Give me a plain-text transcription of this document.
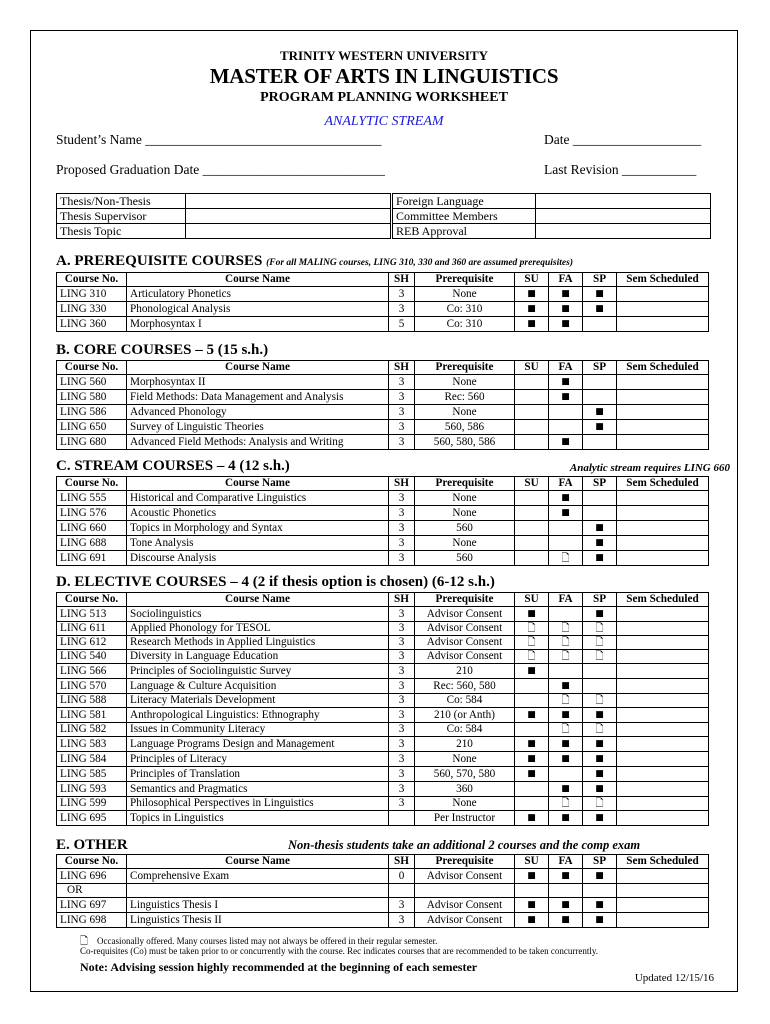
TRINITY WESTERN UNIVERSITY
MASTER OF ARTS IN LINGUISTICS
PROGRAM PLANNING WORKSHEET
ANALYTIC STREAM
Student’s Name ___________________________________	Date ___________________
Proposed Graduation Date ___________________________	Last Revision ___________
Thesis/Non-Thesis	
Thesis Supervisor	
Thesis Topic	
Foreign Language	
Committee Members	
REB Approval	
A. PREREQUISITE COURSES (For all MALING courses, LING 310, 330 and 360 are assumed prerequisites)
Course No.	Course Name	SH	Prerequisite	SU	FA	SP	Sem Scheduled
LING 310	Articulatory Phonetics	3	None	■	■	■	
LING 330	Phonological Analysis	3	Co: 310	■	■	■	
LING 360	Morphosyntax I	5	Co: 310	■	■		
B. CORE COURSES – 5 (15 s.h.)
Course No.	Course Name	SH	Prerequisite	SU	FA	SP	Sem Scheduled
LING 560	Morphosyntax II	3	None		■		
LING 580	Field Methods: Data Management and Analysis	3	Rec: 560		■		
LING 586	Advanced Phonology	3	None			■	
LING 650	Survey of Linguistic Theories	3	560, 586			■	
LING 680	Advanced Field Methods: Analysis and Writing	3	560, 580, 586		■		
C. STREAM COURSES – 4 (12 s.h.)	Analytic stream requires LING 660
Course No.	Course Name	SH	Prerequisite	SU	FA	SP	Sem Scheduled
LING 555	Historical and Comparative Linguistics	3	None		■		
LING 576	Acoustic Phonetics	3	None		■		
LING 660	Topics in Morphology and Syntax	3	560			■	
LING 688	Tone Analysis	3	None			■	
LING 691	Discourse Analysis	3	560		🗋	■	
D. ELECTIVE COURSES – 4 (2 if thesis option is chosen) (6-12 s.h.)
Course No.	Course Name	SH	Prerequisite	SU	FA	SP	Sem Scheduled
LING 513	Sociolinguistics	3	Advisor Consent	■		■	
LING 611	Applied Phonology for TESOL	3	Advisor Consent	🗋	🗋	🗋	
LING 612	Research Methods in Applied Linguistics	3	Advisor Consent	🗋	🗋	🗋	
LING 540	Diversity in Language Education	3	Advisor Consent	🗋	🗋	🗋	
LING 566	Principles of Sociolinguistic Survey	3	210	■			
LING 570	Language & Culture Acquisition	3	Rec: 560, 580		■		
LING 588	Literacy Materials Development	3	Co: 584		🗋	🗋	
LING 581	Anthropological Linguistics: Ethnography	3	210 (or Anth)	■	■	■	
LING 582	Issues in Community Literacy	3	Co: 584		🗋	🗋	
LING 583	Language Programs Design and Management	3	210	■	■	■	
LING 584	Principles of Literacy	3	None	■	■	■	
LING 585	Principles of Translation	3	560, 570, 580	■		■	
LING 593	Semantics and Pragmatics	3	360		■	■	
LING 599	Philosophical Perspectives in Linguistics	3	None		🗋	🗋	
LING 695	Topics in Linguistics		Per Instructor	■	■	■	
E. OTHER	Non-thesis students take an additional 2 courses and the comp exam
Course No.	Course Name	SH	Prerequisite	SU	FA	SP	Sem Scheduled
LING 696	Comprehensive Exam	0	Advisor Consent	■	■	■	
OR							
LING 697	Linguistics Thesis I	3	Advisor Consent	■	■	■	
LING 698	Linguistics Thesis II	3	Advisor Consent	■	■	■	
🗋 Occasionally offered. Many courses listed may not always be offered in their regular semester.
Co-requisites (Co) must be taken prior to or concurrently with the course. Rec indicates courses that are recommended to be taken concurrently.
Note: Advising session highly recommended at the beginning of each semester
Updated 12/15/16
